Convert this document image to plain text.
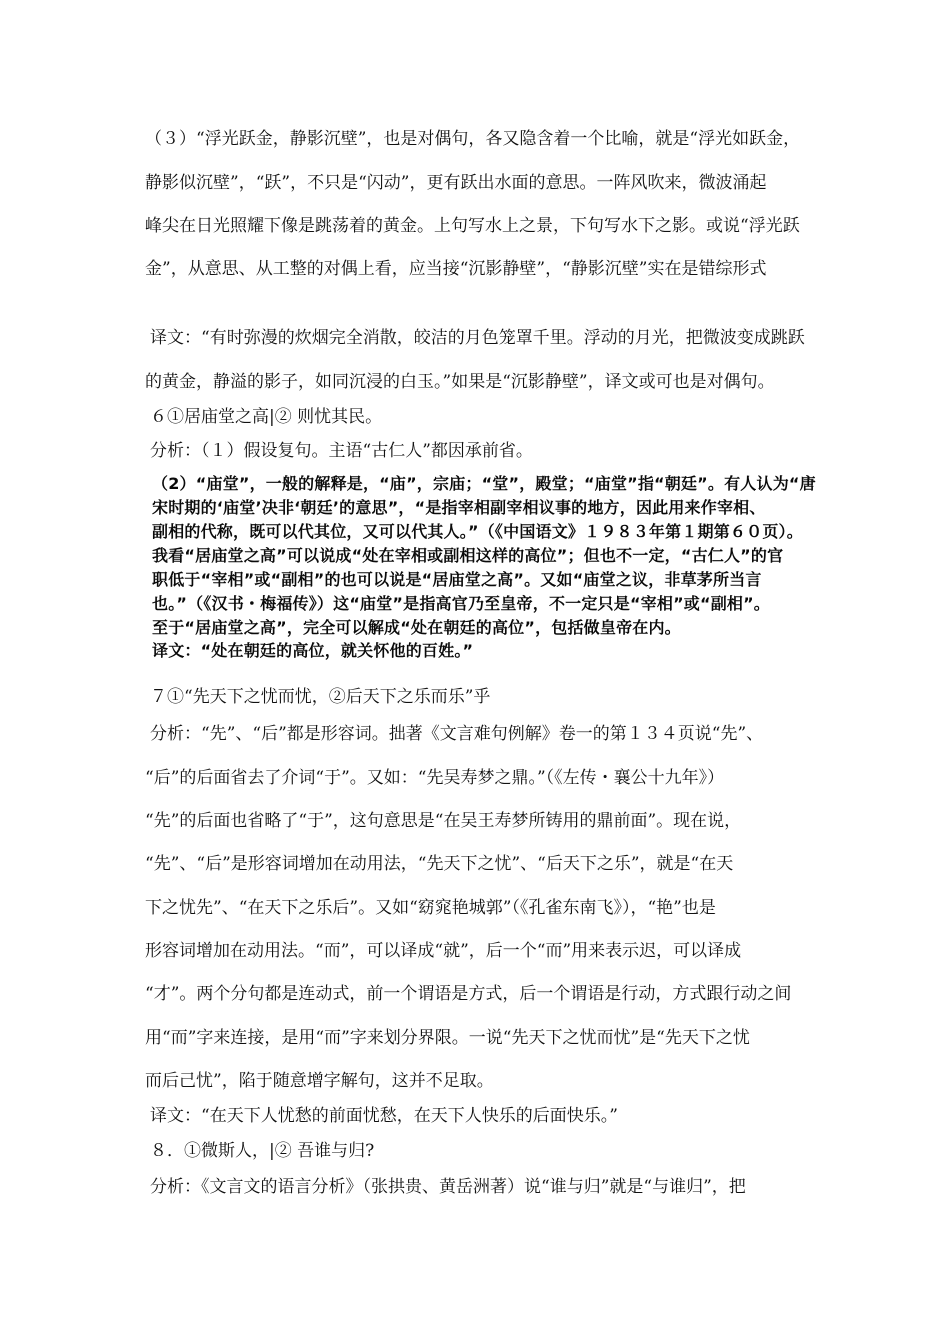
（３）“浮光跃金，静影沉壁”，也是对偶句，各又隐含着一个比喻，就是“浮光如跃金，
静影似沉壁”，“跃”，不只是“闪动”，更有跃出水面的意思。一阵风吹来，微波涌起
峰尖在日光照耀下像是跳荡着的黄金。上句写水上之景，下句写水下之影。或说“浮光跃
金”，从意思、从工整的对偶上看，应当接“沉影静壁”，“静影沉壁”实在是错综形式
译文：“有时弥漫的炊烟完全消散，皎洁的月色笼罩千里。浮动的月光，把微波变成跳跃
的黄金，静溢的影子，如同沉浸的白玉。”如果是“沉影静壁”，译文或可也是对偶句。
６①居庙堂之高|② 则忧其民。
分析：（１）假设复句。主语“古仁人”都因承前省。
（2）“庙堂”，一般的解释是，“庙”，宗庙；“堂”，殿堂；“庙堂”指“朝廷”。有人认为“唐
宋时期的‘庙堂’决非‘朝廷’的意思”，“是指宰相副宰相议事的地方，因此用来作宰相、
副相的代称，既可以代其位，又可以代其人。”（《中国语文》１９８３年第１期第６０页）。
我看“居庙堂之高”可以说成“处在宰相或副相这样的高位”；但也不一定，“古仁人”的官
职低于“宰相”或“副相”的也可以说是“居庙堂之高”。又如“庙堂之议，非草茅所当言
也。”（《汉书・梅福传》）这“庙堂”是指高官乃至皇帝，不一定只是“宰相”或“副相”。
至于“居庙堂之高”，完全可以解成“处在朝廷的高位”，包括做皇帝在内。
译文：“处在朝廷的高位，就关怀他的百姓。”
７①“先天下之忧而忧，②后天下之乐而乐”乎
分析：“先”、“后”都是形容词。拙著《文言难句例解》卷一的第１３４页说“先”、
“后”的后面省去了介词“于”。又如：“先吴寿梦之鼎。”（《左传・襄公十九年》）
“先”的后面也省略了“于”，这句意思是“在吴王寿梦所铸用的鼎前面”。现在说，
“先”、“后”是形容词增加在动用法，“先天下之忧”、“后天下之乐”，就是“在天
下之忧先”、“在天下之乐后”。又如“窈窕艳城郭”（《孔雀东南飞》），“艳”也是
形容词增加在动用法。“而”，可以译成“就”，后一个“而”用来表示迟，可以译成
“才”。两个分句都是连动式，前一个谓语是方式，后一个谓语是行动，方式跟行动之间
用“而”字来连接，是用“而”字来划分界限。一说“先天下之忧而忧”是“先天下之忧
而后己忧”，陷于随意增字解句，这并不足取。
译文：“在天下人忧愁的前面忧愁，在天下人快乐的后面快乐。”
８．①微斯人，|② 吾谁与归?
分析：《文言文的语言分析》（张拱贵、黄岳洲著）说“谁与归”就是“与谁归”，把
